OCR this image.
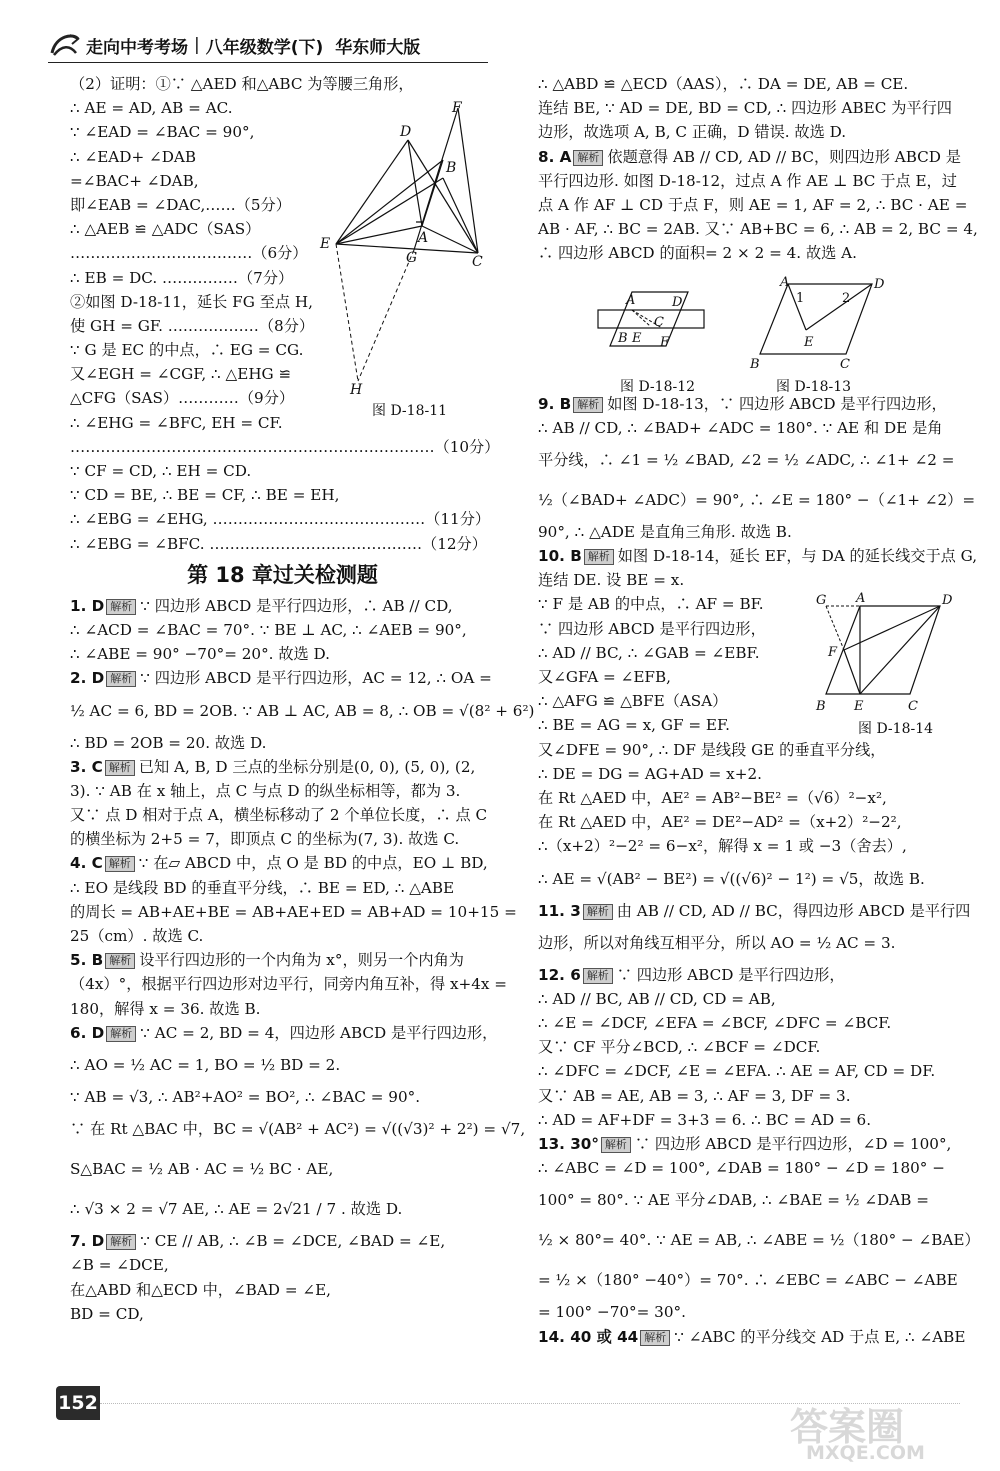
走向中考考场 | 八年级数学(下) 华东师大版
（2）证明：①∵ △AED 和△ABC 为等腰三角形，
∴ AE = AD, AB = AC.
∵ ∠EAD = ∠BAC = 90°,
∴ ∠EAD+ ∠DAB
=∠BAC+ ∠DAB,
即∠EAB = ∠DAC,……（5分）
∴ △AEB ≌ △ADC（SAS）
………………………………（6分）
∴ EB = DC. ……………（7分）
②如图 D-18-11，延长 FG 至点 H,
使 GH = GF. ………………（8分）
∵ G 是 EC 的中点，∴ EG = CG.
又∠EGH = ∠CGF, ∴ △EHG ≌
△CFG（SAS）…………（9分）
∴ ∠EHG = ∠BFC, EH = CF.
………………………………………………………………（10分）
∵ CF = CD, ∴ EH = CD.
∵ CD = BE, ∴ BE = CF, ∴ BE = EH,
∴ ∠EBG = ∠EHG, ……………………………………（11分）
∴ ∠EBG = ∠BFC. ……………………………………（12分）
第 18 章过关检测题
1. D 解析 ∵ 四边形 ABCD 是平行四边形，∴ AB // CD,
∴ ∠ACD = ∠BAC = 70°. ∵ BE ⊥ AC, ∴ ∠AEB = 90°,
∴ ∠ABE = 90° −70°= 20°. 故选 D.
2. D 解析 ∵ 四边形 ABCD 是平行四边形，AC = 12, ∴ OA =
½ AC = 6, BD = 2OB. ∵ AB ⊥ AC, AB = 8, ∴ OB = √(8² + 6²)
∴ BD = 2OB = 20. 故选 D.
3. C 解析 已知 A, B, D 三点的坐标分别是(0, 0), (5, 0), (2,
3). ∵ AB 在 x 轴上，点 C 与点 D 的纵坐标相等，都为 3.
又∵ 点 D 相对于点 A，横坐标移动了 2 个单位长度，∴ 点 C
的横坐标为 2+5 = 7，即顶点 C 的坐标为(7, 3). 故选 C.
4. C 解析 ∵ 在▱ ABCD 中，点 O 是 BD 的中点，EO ⊥ BD,
∴ EO 是线段 BD 的垂直平分线，∴ BE = ED, ∴ △ABE
的周长 = AB+AE+BE = AB+AE+ED = AB+AD = 10+15 =
25（cm）. 故选 C.
5. B 解析 设平行四边形的一个内角为 x°，则另一个内角为
（4x）°，根据平行四边形对边平行，同旁内角互补，得 x+4x =
180，解得 x = 36. 故选 B.
6. D 解析 ∵ AC = 2, BD = 4，四边形 ABCD 是平行四边形，
∴ AO = ½ AC = 1, BO = ½ BD = 2.
∵ AB = √3, ∴ AB²+AO² = BO², ∴ ∠BAC = 90°.
∵ 在 Rt △BAC 中，BC = √(AB² + AC²) = √((√3)² + 2²) = √7,
S△BAC = ½ AB · AC = ½ BC · AE,
∴ √3 × 2 = √7 AE, ∴ AE = 2√21 / 7 . 故选 D.
7. D 解析 ∵ CE // AB, ∴ ∠B = ∠DCE, ∠BAD = ∠E,
∠B = ∠DCE,
在△ABD 和△ECD 中，∠BAD = ∠E,
BD = CD,
∴ △ABD ≌ △ECD（AAS），∴ DA = DE, AB = CE.
连结 BE, ∵ AD = DE, BD = CD, ∴ 四边形 ABEC 为平行四
边形，故选项 A, B, C 正确，D 错误. 故选 D.
8. A 解析 依题意得 AB // CD, AD // BC，则四边形 ABCD 是
平行四边形. 如图 D-18-12，过点 A 作 AE ⊥ BC 于点 E，过
点 A 作 AF ⊥ CD 于点 F，则 AE = 1, AF = 2, ∴ BC · AE =
AB · AF, ∴ BC = 2AB. 又∵ AB+BC = 6, ∴ AB = 2, BC = 4,
∴ 四边形 ABCD 的面积= 2 × 2 = 4. 故选 A.
9. B 解析 如图 D-18-13，∵ 四边形 ABCD 是平行四边形，
∴ AB // CD, ∴ ∠BAD+ ∠ADC = 180°. ∵ AE 和 DE 是角
平分线，∴ ∠1 = ½ ∠BAD, ∠2 = ½ ∠ADC, ∴ ∠1+ ∠2 =
½（∠BAD+ ∠ADC）= 90°, ∴ ∠E = 180° −（∠1+ ∠2）=
90°, ∴ △ADE 是直角三角形. 故选 B.
10. B 解析 如图 D-18-14，延长 EF，与 DA 的延长线交于点 G,
连结 DE. 设 BE = x.
∵ F 是 AB 的中点，∴ AF = BF.
∵ 四边形 ABCD 是平行四边形，
∴ AD // BC, ∴ ∠GAB = ∠EBF.
又∠GFA = ∠EFB,
∴ △AFG ≌ △BFE（ASA）
∴ BE = AG = x, GF = EF.
又∠DFE = 90°, ∴ DF 是线段 GE 的垂直平分线，
∴ DE = DG = AG+AD = x+2.
在 Rt △AED 中，AE² = AB²−BE² =（√6）²−x²,
在 Rt △AED 中，AE² = DE²−AD² =（x+2）²−2²,
∴（x+2）²−2² = 6−x²，解得 x = 1 或 −3（舍去）,
∴ AE = √(AB² − BE²) = √((√6)² − 1²) = √5，故选 B.
11. 3 解析 由 AB // CD, AD // BC，得四边形 ABCD 是平行四
边形，所以对角线互相平分，所以 AO = ½ AC = 3.
12. 6 解析 ∵ 四边形 ABCD 是平行四边形，
∴ AD // BC, AB // CD, CD = AB,
∴ ∠E = ∠DCF, ∠EFA = ∠BCF, ∠DFC = ∠BCF.
又∵ CF 平分∠BCD, ∴ ∠BCF = ∠DCF.
∴ ∠DFC = ∠DCF, ∠E = ∠EFA. ∴ AE = AF, CD = DF.
又∵ AB = AE, AB = 3, ∴ AF = 3, DF = 3.
∴ AD = AF+DF = 3+3 = 6. ∴ BC = AD = 6.
13. 30° 解析 ∵ 四边形 ABCD 是平行四边形，∠D = 100°,
∴ ∠ABC = ∠D = 100°, ∠DAB = 180° − ∠D = 180° −
100° = 80°. ∵ AE 平分∠DAB, ∴ ∠BAE = ½ ∠DAB =
½ × 80°= 40°. ∵ AE = AB, ∴ ∠ABE = ½（180° − ∠BAE）
= ½ ×（180° −40°）= 70°. ∴ ∠EBC = ∠ABC − ∠ABE
= 100° −70°= 30°.
14. 40 或 44 解析 ∵ ∠ABC 的平分线交 AD 于点 E, ∴ ∠ABE
D
F
B
E	A
G	C
H
图 D-18-11
A	D
B E
C
F
图 D-18-12
A	D
1	2
E
B	C
图 D-18-13
G A	D
F
B E	C
图 D-18-14
152
答案圈
MXQE.COM
